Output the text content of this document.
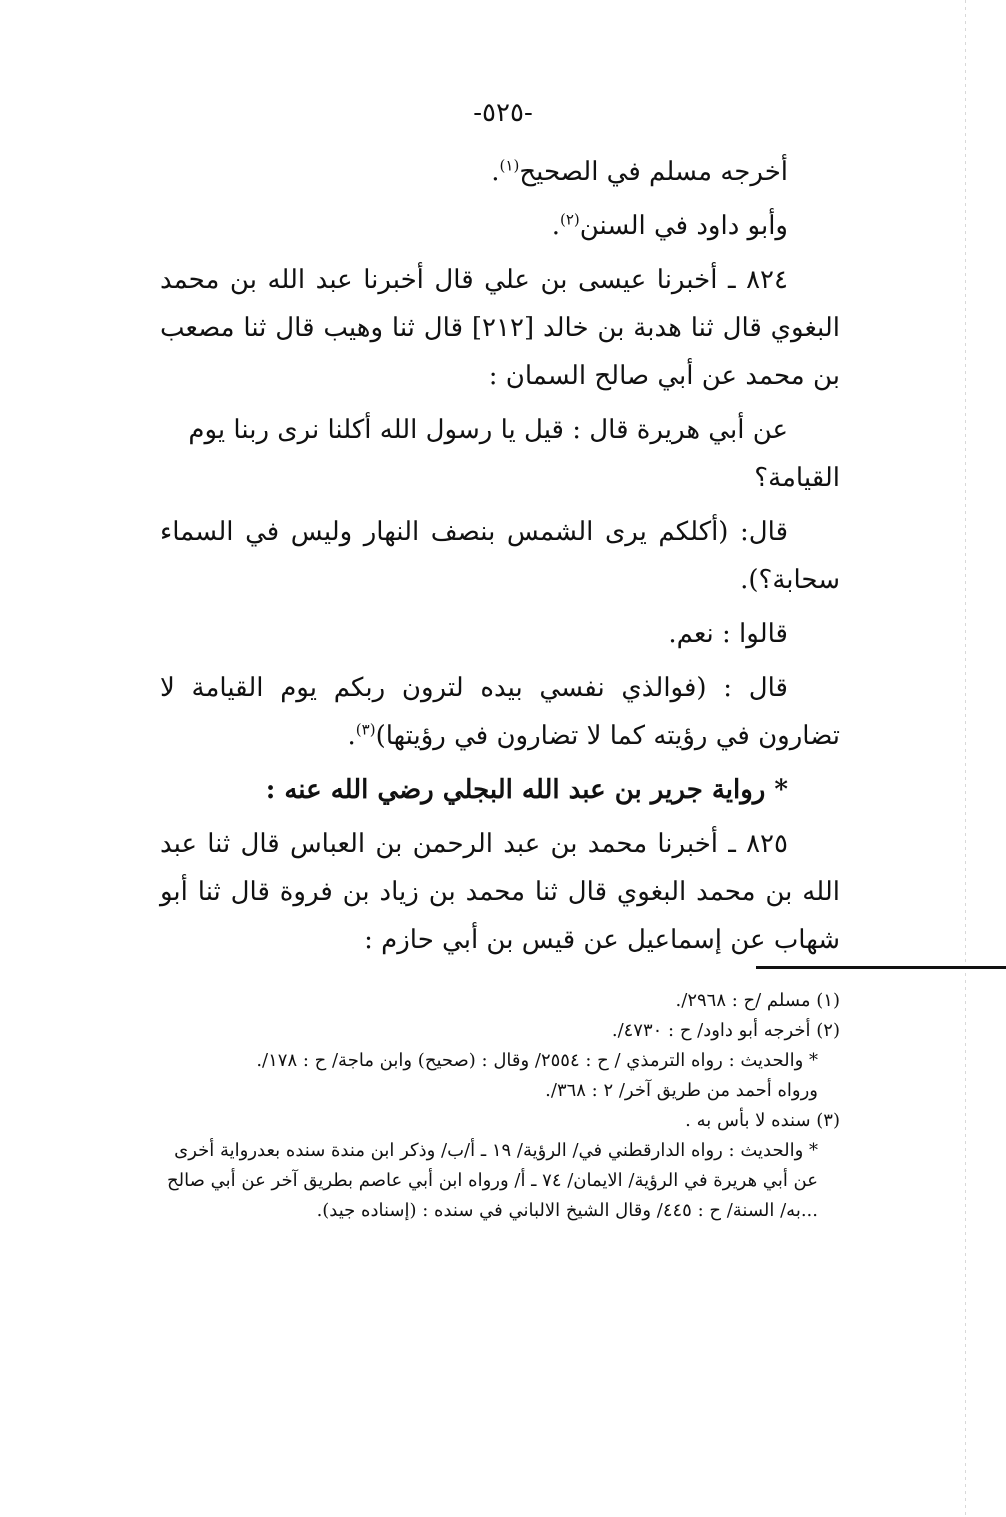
-٥٢٥-

أخرجه مسلم في الصحيح$^{(١)}$.

وأبو داود في السنن$^{(٢)}$.

٨٢٤ ـ أخبرنا عيسى بن علي قال أخبرنا عبد الله بن محمد البغوي قال ثنا هدبة بن خالد [٢١٢] قال ثنا وهيب قال ثنا مصعب بن محمد عن أبي صالح السمان :

عن أبي هريرة قال : قيل يا رسول الله أكلنا نرى ربنا يوم القيامة؟

قال: (أكلكم يرى الشمس بنصف النهار وليس في السماء سحابة؟).

قالوا : نعم.

قال : (فوالذي نفسي بيده لترون ربكم يوم القيامة لا تضارون في رؤيته كما لا تضارون في رؤيتها)$^{(٣)}$.

* رواية جرير بن عبد الله البجلي رضي الله عنه :

٨٢٥ ـ أخبرنا محمد بن عبد الرحمن بن العباس قال ثنا عبد الله بن محمد البغوي قال ثنا محمد بن زياد بن فروة قال ثنا أبو شهاب عن إسماعيل عن قيس بن أبي حازم :

(١) مسلم /ح : ٢٩٦٨/.

(٢) أخرجه أبو داود/ ح : ٤٧٣٠/.

* والحديث : رواه الترمذي / ح : ٢٥٥٤/ وقال : (صحيح) وابن ماجة/ ح : ١٧٨/.

ورواه أحمد من طريق آخر/ ٢ : ٣٦٨/.

(٣) سنده لا بأس به .

* والحديث : رواه الدارقطني في/ الرؤية/ ١٩ ـ أ/ب/ وذكر ابن مندة سنده بعدرواية أخرى عن أبي هريرة في الرؤية/ الايمان/ ٧٤ ـ أ/ ورواه ابن أبي عاصم بطريق آخر عن أبي صالح ...به/ السنة/ ح : ٤٤٥/ وقال الشيخ الالباني في سنده : (إسناده جيد).
